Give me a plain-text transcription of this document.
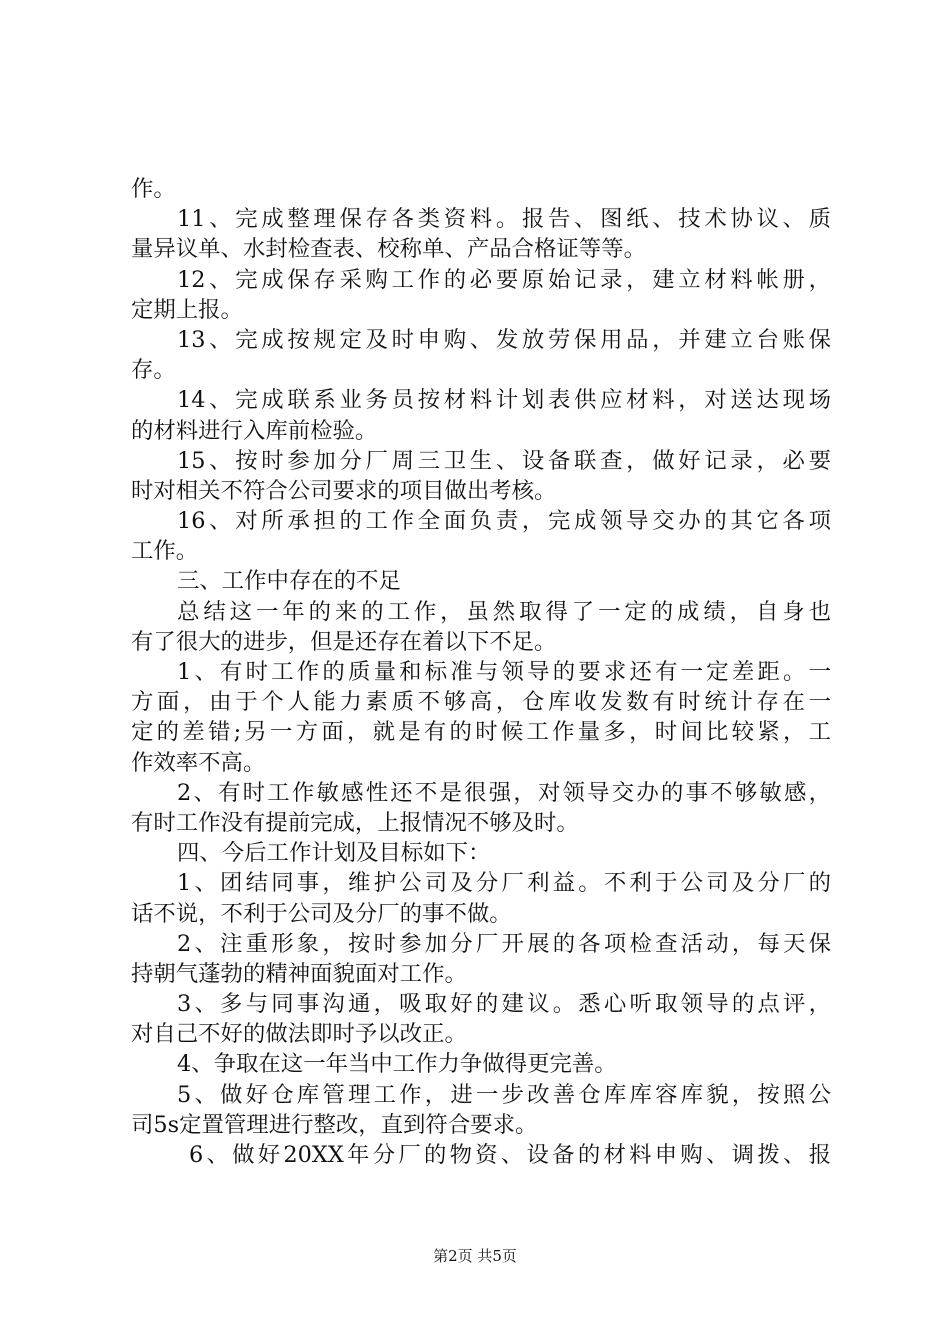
作。
11、完成整理保存各类资料。报告、图纸、技术协议、质
量异议单、水封检查表、校称单、产品合格证等等。
12、完成保存采购工作的必要原始记录，建立材料帐册，
定期上报。
13、完成按规定及时申购、发放劳保用品，并建立台账保
存。
14、完成联系业务员按材料计划表供应材料，对送达现场
的材料进行入库前检验。
15、按时参加分厂周三卫生、设备联查，做好记录，必要
时对相关不符合公司要求的项目做出考核。
16、对所承担的工作全面负责，完成领导交办的其它各项
工作。
三、工作中存在的不足
总结这一年的来的工作，虽然取得了一定的成绩，自身也
有了很大的进步，但是还存在着以下不足。
1、有时工作的质量和标准与领导的要求还有一定差距。一
方面，由于个人能力素质不够高，仓库收发数有时统计存在一
定的差错;另一方面，就是有的时候工作量多，时间比较紧，工
作效率不高。
2、有时工作敏感性还不是很强，对领导交办的事不够敏感，
有时工作没有提前完成，上报情况不够及时。
四、今后工作计划及目标如下：
1、团结同事，维护公司及分厂利益。不利于公司及分厂的
话不说，不利于公司及分厂的事不做。
2、注重形象，按时参加分厂开展的各项检查活动，每天保
持朝气蓬勃的精神面貌面对工作。
3、多与同事沟通，吸取好的建议。悉心听取领导的点评，
对自己不好的做法即时予以改正。
4、争取在这一年当中工作力争做得更完善。
5、做好仓库管理工作，进一步改善仓库库容库貌，按照公
司5s定置管理进行整改，直到符合要求。
6、做好20XX年分厂的物资、设备的材料申购、调拨、报
第2页 共5页
